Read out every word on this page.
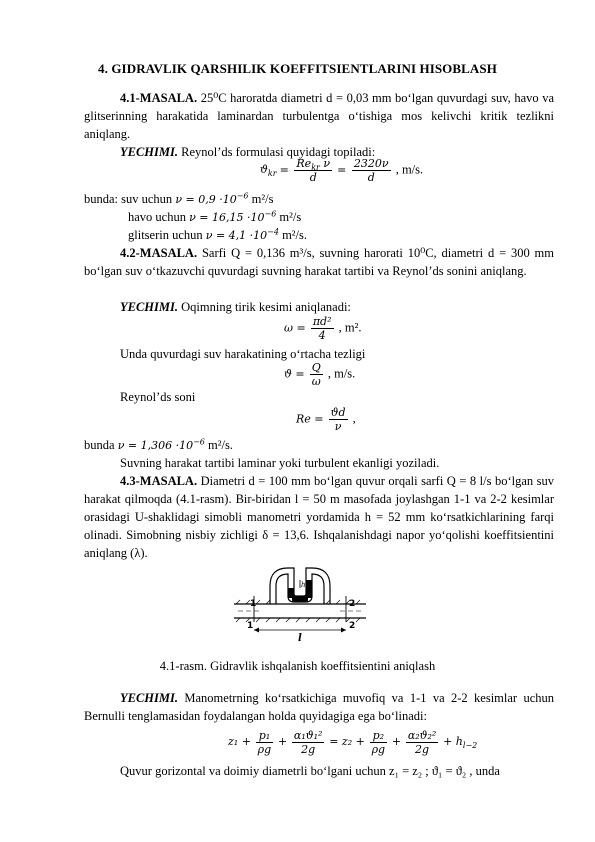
4. GIDRAVLIK QARSHILIK KOEFFITSIENTLARINI HISOBLASH
4.1-MASALA. 25⁰C haroratda diametri d = 0,03 mm bo‘lgan quvurdagi suv, havo va glitserinning harakatida laminardan turbulentga o‘tishiga mos kelivchi kritik tezlikni aniqlang.
YECHIMI. Reynol’ds formulasi quyidagi topiladi:
$ϑ_{kr} = \frac{Re_{kr} \nu}{d} = \frac{2320\nu}{d}$ , m/s.
bunda: suv uchun $\nu = 0,9 \cdot 10^{-6}$ m²/s
havo uchun $\nu = 16,15 \cdot 10^{-6}$ m²/s
glitserin uchun $\nu = 4,1 \cdot 10^{-4}$ m²/s.
4.2-MASALA. Sarfi Q = 0,136 m³/s, suvning harorati 10⁰C, diametri d = 300 mm bo‘lgan suv o‘tkazuvchi quvurdagi suvning harakat tartibi va Reynol’ds sonini aniqlang.
YECHIMI. Oqimning tirik kesimi aniqlanadi:
$\omega = \frac{\text{πd²}}{4}$ , m².
Unda quvurdagi suv harakatining o‘rtacha tezligi
$ϑ = \frac{Q}{\omega}$ , m/s.
Reynol’ds soni
$Re = \frac{ϑd}{\nu}$ ,
bunda $\nu = 1,306 \cdot 10^{-6}$ m²/s.
Suvning harakat tartibi laminar yoki turbulent ekanligi yoziladi.
4.3-MASALA. Diametri d = 100 mm bo‘lgan quvur orqali sarfi Q = 8 l/s bo‘lgan suv harakat qilmoqda (4.1-rasm). Bir-biridan l = 50 m masofada joylashgan 1-1 va 2-2 kesimlar orasidagi U-shaklidagi simobli manometri yordamida h = 52 mm ko‘rsatkichlarining farqi olinadi. Simobning nisbiy zichligi δ = 13,6. Ishqalanishdagi napor yo‘qolishi koeffitsientini aniqlang (λ).
1	2
1	2
l
h
4.1-rasm. Gidravlik ishqalanish koeffitsientini aniqlash
YECHIMI. Manometrning ko‘rsatkichiga muvofiq va 1-1 va 2-2 kesimlar uchun Bernulli tenglamasidan foydalangan holda quyidagiga ega bo‘linadi:
$z_1 + \frac{\text{p₁}}{\rho g} + \frac{\text{α₁ϑ₁²}}{2g} = z_2 + \frac{\text{p₂}}{\rho g} + \frac{\text{α₂ϑ₂²}}{2g} + h_{l-2}$
Quvur gorizontal va doimiy diametrli bo‘lgani uchun z₁ = z₂ ; ϑ₁ = ϑ₂ , unda
